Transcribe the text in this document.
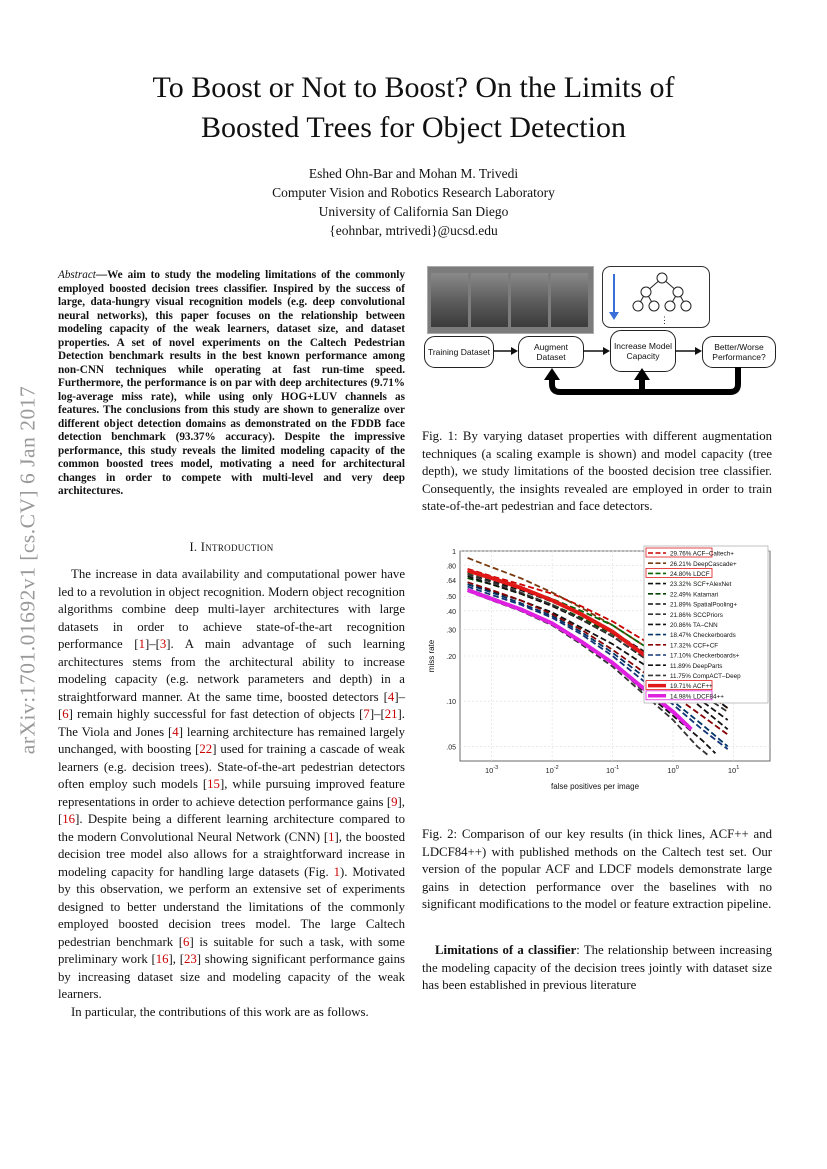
To Boost or Not to Boost? On the Limits of
Boosted Trees for Object Detection
Eshed Ohn-Bar and Mohan M. Trivedi
Computer Vision and Robotics Research Laboratory
University of California San Diego
{eohnbar, mtrivedi}@ucsd.edu
arXiv:1701.01692v1 [cs.CV] 6 Jan 2017
Abstract—We aim to study the modeling limitations of the commonly employed boosted decision trees classifier. Inspired by the success of large, data-hungry visual recognition models (e.g. deep convolutional neural networks), this paper focuses on the relationship between modeling capacity of the weak learners, dataset size, and dataset properties. A set of novel experiments on the Caltech Pedestrian Detection benchmark results in the best known performance among non-CNN techniques while operating at fast run-time speed. Furthermore, the performance is on par with deep architectures (9.71% log-average miss rate), while using only HOG+LUV channels as features. The conclusions from this study are shown to generalize over different object detection domains as demonstrated on the FDDB face detection benchmark (93.37% accuracy). Despite the impressive performance, this study reveals the limited modeling capacity of the common boosted trees model, motivating a need for architectural changes in order to compete with multi-level and very deep architectures.
I. Introduction

The increase in data availability and computational power have led to a revolution in object recognition. Modern object recognition algorithms combine deep multi-layer architectures with large datasets in order to achieve state-of-the-art recognition performance [1]–[3]. A main advantage of such learning architectures stems from the architectural ability to increase modeling capacity (e.g. network parameters and depth) in a straightforward manner. At the same time, boosted detectors [4]–[6] remain highly successful for fast detection of objects [7]–[21]. The Viola and Jones [4] learning architecture has remained largely unchanged, with boosting [22] used for training a cascade of weak learners (e.g. decision trees). State-of-the-art pedestrian detectors often employ such models [15], while pursuing improved feature representations in order to achieve detection performance gains [9], [16]. Despite being a different learning architecture compared to the modern Convolutional Neural Network (CNN) [1], the boosted decision tree model also allows for a straightforward increase in modeling capacity for handling large datasets (Fig. 1). Motivated by this observation, we perform an extensive set of experiments designed to better understand the limitations of the commonly employed boosted decision trees model. The large Caltech pedestrian benchmark [6] is suitable for such a task, with some preliminary work [16], [23] showing significant performance gains by increasing dataset size and modeling capacity of the weak learners.

In particular, the contributions of this work are as follows.

⋮
Training Dataset	Augment Dataset
Increase Model Capacity
Better/Worse Performance?
Fig. 1: By varying dataset properties with different augmentation techniques (a scaling example is shown) and model capacity (tree depth), we study limitations of the boosted decision tree classifier. Consequently, the insights revealed are employed in order to train state-of-the-art pedestrian and face detectors.
1
.80
.64
.50
.40
.30
.20
.10
.05
$10^{-3}$	$10^{-2}$	$10^{-1}$	$10^0$	$10^1$
false positives per image
miss rate
29.76% ACF–Caltech+
26.21% DeepCascade+
24.80% LDCF
23.32% SCF+AlexNet
22.49% Katamari
21.89% SpatialPooling+
21.86% SCCPriors
20.86% TA–CNN
18.47% Checkerboards
17.32% CCF+CF
17.10% Checkerboards+
11.89% DeepParts
11.75% CompACT–Deep
19.71% ACF++
14.98% LDCF84++
Fig. 2: Comparison of our key results (in thick lines, ACF++ and LDCF84++) with published methods on the Caltech test set. Our version of the popular ACF and LDCF models demonstrate large gains in detection performance over the baselines with no significant modifications to the model or feature extraction pipeline.

Limitations of a classifier: The relationship between increasing the modeling capacity of the decision trees jointly with dataset size has been established in previous literature
